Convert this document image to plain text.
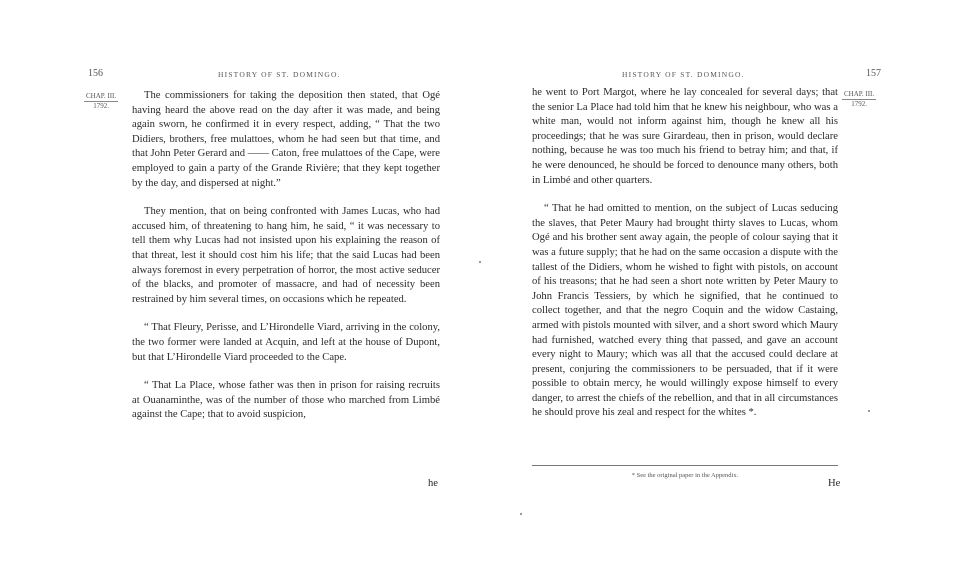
156	HISTORY OF ST. DOMINGO.
CHAP. III.
1792.

The commissioners for taking the deposition then stated, that Ogé having heard the above read on the day after it was made, and being again sworn, he confirmed it in every respect, adding, “ That the two Didiers, brothers, free mulattoes, whom he had seen but that time, and that John Peter Gerard and —— Caton, free mulattoes of the Cape, were employed to gain a party of the Grande Rivière; that they kept together by the day, and dispersed at night.”

They mention, that on being confronted with James Lucas, who had accused him, of threatening to hang him, he said, “ it was necessary to tell them why Lucas had not insisted upon his explaining the reason of that threat, lest it should cost him his life; that the said Lucas had been always foremost in every perpetration of horror, the most active seducer of the blacks, and promoter of massacre, and had of necessity been restrained by him several times, on occasions which he repeated.

“ That Fleury, Perisse, and L’Hirondelle Viard, arriving in the colony, the two former were landed at Acquin, and left at the house of Dupont, but that L’Hirondelle Viard proceeded to the Cape.

“ That La Place, whose father was then in prison for raising recruits at Ouanaminthe, was of the number of those who marched from Limbé against the Cape; that to avoid suspicion,

he
HISTORY OF ST. DOMINGO.	157
CHAP. III.
1792.

he went to Port Margot, where he lay concealed for several days; that the senior La Place had told him that he knew his neighbour, who was a white man, would not inform against him, though he knew all his proceedings; that he was sure Girardeau, then in prison, would declare nothing, because he was too much his friend to betray him; and that, if he were denounced, he should be forced to denounce many others, both in Limbé and other quarters.

“ That he had omitted to mention, on the subject of Lucas seducing the slaves, that Peter Maury had brought thirty slaves to Lucas, whom Ogé and his brother sent away again, the people of colour saying that it was a future supply; that he had on the same occasion a dispute with the tallest of the Didiers, whom he wished to fight with pistols, on account of his treasons; that he had seen a short note written by Peter Maury to John Francis Tessiers, by which he signified, that he continued to collect together, and that the negro Coquin and the widow Castaing, armed with pistols mounted with silver, and a short sword which Maury had furnished, watched every thing that passed, and gave an account every night to Maury; which was all that the accused could declare at present, conjuring the commissioners to be persuaded, that if it were possible to obtain mercy, he would willingly expose himself to every danger, to arrest the chiefs of the rebellion, and that in all circumstances he should prove his zeal and respect for the whites *.

* See the original paper in the Appendix.
He
